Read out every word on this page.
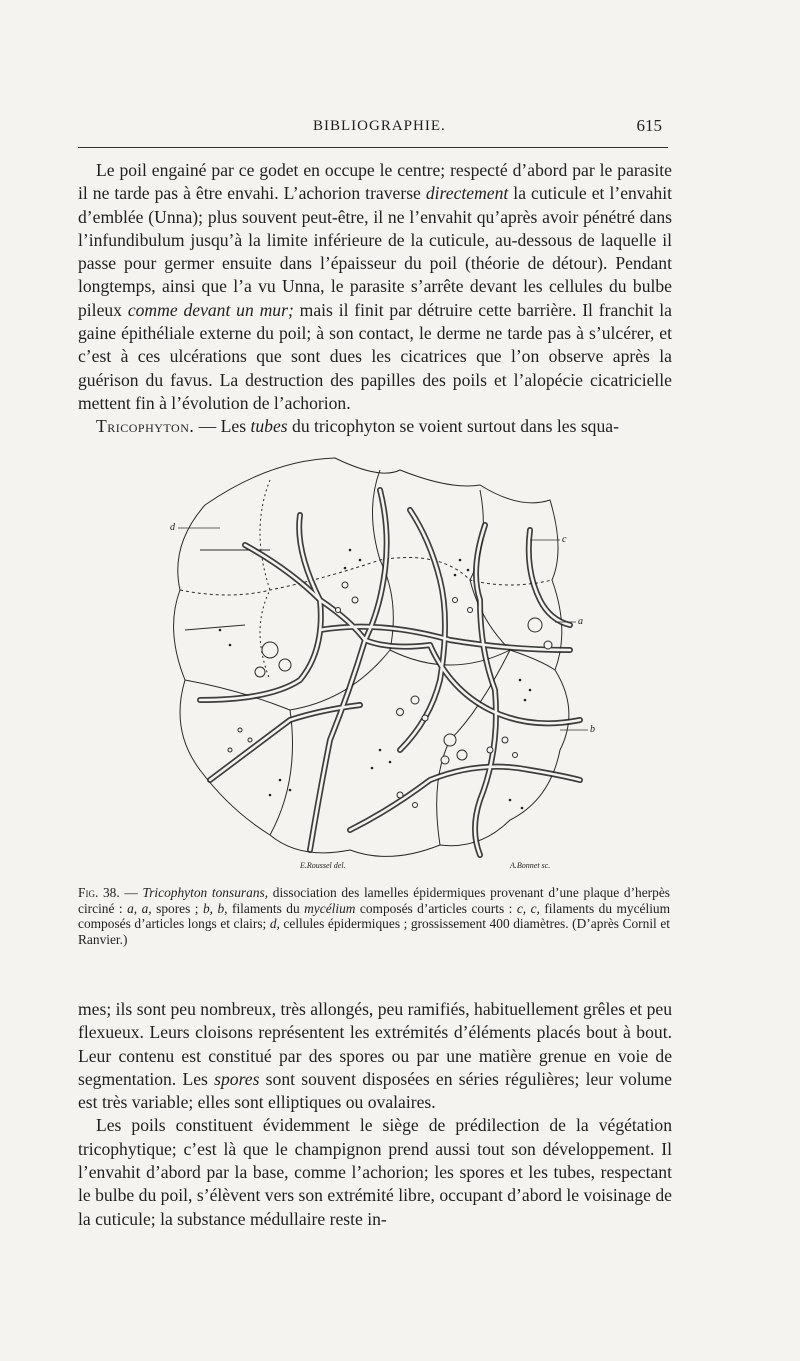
BIBLIOGRAPHIE.	615

Le poil engainé par ce godet en occupe le centre; respecté d’abord par le parasite il ne tarde pas à être envahi. L’achorion traverse directement la cuticule et l’envahit d’emblée (Unna); plus souvent peut-être, il ne l’envahit qu’après avoir pénétré dans l’infundibulum jusqu’à la limite inférieure de la cuticule, au-dessous de laquelle il passe pour germer ensuite dans l’épaisseur du poil (théorie de détour). Pendant longtemps, ainsi que l’a vu Unna, le parasite s’arrête devant les cellules du bulbe pileux comme devant un mur; mais il finit par détruire cette barrière. Il franchit la gaine épithéliale externe du poil; à son contact, le derme ne tarde pas à s’ulcérer, et c’est à ces ulcérations que sont dues les cicatrices que l’on observe après la guérison du favus. La destruction des papilles des poils et l’alopécie cicatricielle mettent fin à l’évolution de l’achorion.

Tricophyton. — Les tubes du tricophyton se voient surtout dans les squa-

d
c
a
b
E.Roussel del.	A.Bonnet sc.
Fig. 38. — Tricophyton tonsurans, dissociation des lamelles épidermiques provenant d’une plaque d’herpès circiné : a, a, spores ; b, b, filaments du mycélium composés d’articles courts : c, c, filaments du mycélium composés d’articles longs et clairs; d, cellules épidermiques ; grossissement 400 diamètres. (D’après Cornil et Ranvier.)

mes; ils sont peu nombreux, très allongés, peu ramifiés, habituellement grêles et peu flexueux. Leurs cloisons représentent les extrémités d’éléments placés bout à bout. Leur contenu est constitué par des spores ou par une matière grenue en voie de segmentation. Les spores sont souvent disposées en séries régulières; leur volume est très variable; elles sont elliptiques ou ovalaires.

Les poils constituent évidemment le siège de prédilection de la végétation tricophytique; c’est là que le champignon prend aussi tout son développement. Il l’envahit d’abord par la base, comme l’achorion; les spores et les tubes, respectant le bulbe du poil, s’élèvent vers son extrémité libre, occupant d’abord le voisinage de la cuticule; la substance médullaire reste in-
